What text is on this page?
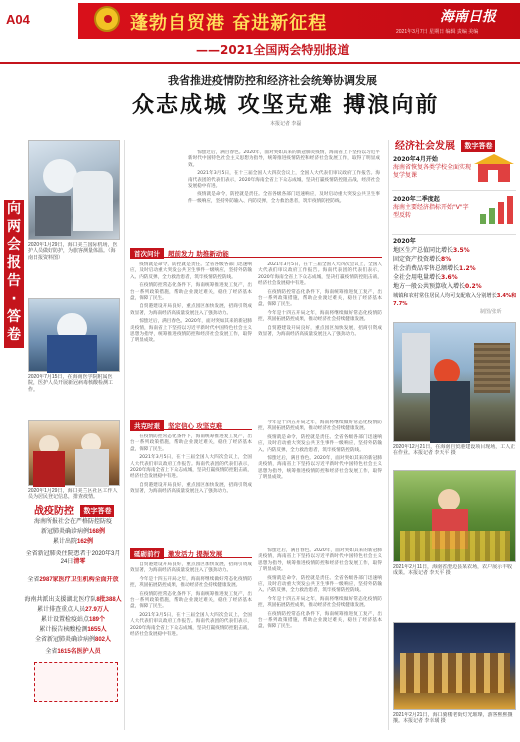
A04	蓬勃自贸港 奋进新征程	海南日报
2021年3月7日 星期日 编辑 责编 美编
——2021全国两会特别报道
2020年1月29日，海口美兰国际机场，医护人员做好防护，为旅客测量体温。（海南日报资料图）
2020年7月15日，在海南医学院附属医院，医护人员开展新冠病毒核酸检测工作。
2020年1月29日，海口美兰区社区工作人员为居民登记信息，排查疫情。
向
两
会
报
告
·
答
卷
战疫防控 数字答卷
海南所报社会在严格防控防疫
新冠肺炎确诊病例168例
累计出院162例
全省新冠肺炎住院患者于2020年3月24日清零
全省2987家医疗卫生机构全面开放
海南共派出支援湖北医疗队8批388人
累计排查重点人员27.9万人
累计设置检疫站点189个
累计报告核酸检测1655人
全省新冠肺炎确诊病例802人
全省1615名医护人员
我省推进疫情防控和经济社会统筹协调发展
众志成城 攻坚克难 搏浪向前
本报记者 李磊

惊蛰过后，满目春色。2020年，面对突如其来的新冠肺炎疫情，海南省上下坚持以习近平新时代中国特色社会主义思想为指导，统筹推进疫情防控和经济社会发展工作，取得了明显成效。

2021年3月5日，在十三届全国人大四次会议上，全国人大代表们审议政府工作报告。海南代表团的代表们表示，2020年海南全省上下众志成城，坚决打赢疫情防控阻击战，经济社会发展稳中有进。

疫情就是命令，防控就是责任。全省各级各部门迅速响应，及时启动重大突发公共卫生事件一级响应，坚持外防输入、内防反弹，全力救治患者，筑牢疫情防控防线。

首次问计	超前发力 助推新动能

疫情就是命令，防控就是责任。全省各级各部门迅速响应，及时启动重大突发公共卫生事件一级响应，坚持外防输入、内防反弹，全力救治患者，筑牢疫情防控防线。

在疫情防控常态化条件下，海南统筹推进复工复产，出台一系列政策措施，帮助企业渡过难关，稳住了经济基本盘，保障了民生。

自贸港建设开局良好，重点园区加快发展，招商引资成效显著，为海南经济高质量发展注入了强劲动力。

惊蛰过后，满目春色。2020年，面对突如其来的新冠肺炎疫情，海南省上下坚持以习近平新时代中国特色社会主义思想为指导，统筹推进疫情防控和经济社会发展工作，取得了明显成效。

2021年3月5日，在十三届全国人大四次会议上，全国人大代表们审议政府工作报告。海南代表团的代表们表示，2020年海南全省上下众志成城，坚决打赢疫情防控阻击战，经济社会发展稳中有进。

在疫情防控常态化条件下，海南统筹推进复工复产，出台一系列政策措施，帮助企业渡过难关，稳住了经济基本盘，保障了民生。

今年是十四五开局之年，海南将继续做好常态化疫情防控，巩固拓展防控成果，推动经济社会持续健康发展。

自贸港建设开局良好，重点园区加快发展，招商引资成效显著，为海南经济高质量发展注入了强劲动力。

共克时艰	坚定信心 攻坚克难

在疫情防控常态化条件下，海南统筹推进复工复产，出台一系列政策措施，帮助企业渡过难关，稳住了经济基本盘，保障了民生。

2021年3月5日，在十三届全国人大四次会议上，全国人大代表们审议政府工作报告。海南代表团的代表们表示，2020年海南全省上下众志成城，坚决打赢疫情防控阻击战，经济社会发展稳中有进。

自贸港建设开局良好，重点园区加快发展，招商引资成效显著，为海南经济高质量发展注入了强劲动力。

今年是十四五开局之年，海南将继续做好常态化疫情防控，巩固拓展防控成果，推动经济社会持续健康发展。

疫情就是命令，防控就是责任。全省各级各部门迅速响应，及时启动重大突发公共卫生事件一级响应，坚持外防输入、内防反弹，全力救治患者，筑牢疫情防控防线。

惊蛰过后，满目春色。2020年，面对突如其来的新冠肺炎疫情，海南省上下坚持以习近平新时代中国特色社会主义思想为指导，统筹推进疫情防控和经济社会发展工作，取得了明显成效。

砥砺前行	激发活力 提振发展

自贸港建设开局良好，重点园区加快发展，招商引资成效显著，为海南经济高质量发展注入了强劲动力。

今年是十四五开局之年，海南将继续做好常态化疫情防控，巩固拓展防控成果，推动经济社会持续健康发展。

在疫情防控常态化条件下，海南统筹推进复工复产，出台一系列政策措施，帮助企业渡过难关，稳住了经济基本盘，保障了民生。

2021年3月5日，在十三届全国人大四次会议上，全国人大代表们审议政府工作报告。海南代表团的代表们表示，2020年海南全省上下众志成城，坚决打赢疫情防控阻击战，经济社会发展稳中有进。

惊蛰过后，满目春色。2020年，面对突如其来的新冠肺炎疫情，海南省上下坚持以习近平新时代中国特色社会主义思想为指导，统筹推进疫情防控和经济社会发展工作，取得了明显成效。

疫情就是命令，防控就是责任。全省各级各部门迅速响应，及时启动重大突发公共卫生事件一级响应，坚持外防输入、内防反弹，全力救治患者，筑牢疫情防控防线。

今年是十四五开局之年，海南将继续做好常态化疫情防控，巩固拓展防控成果，推动经济社会持续健康发展。

在疫情防控常态化条件下，海南统筹推进复工复产，出台一系列政策措施，帮助企业渡过难关，稳住了经济基本盘，保障了民生。

经济社会发展 数字答卷
2020年4月开始
海南省恢复各类学校全面实现复学复课
2020年二季度起
海南主要经济指标开始"V"字型反转
2020年
地区生产总值同比增长3.5%
固定资产投资增长8%
社会消费品零售总额增长1.2%
全社会用电量增长3.6%
地方一般公共预算收入增长0.2%
城镇和农村常住居民人均可支配收入分别增长3.4%和7.7%
制图/张昕
2020年12月21日，在海南自贸港建设项目现场，工人正在作业。本报记者 李天平 摄
2021年2月11日，海南省澄迈县某农场，农户展示丰收成果。本报记者 李天平 摄
2021年2月21日，海口骑楼老街灯光璀璨，游客熙熙攘攘。本报记者 李幸璜 摄
